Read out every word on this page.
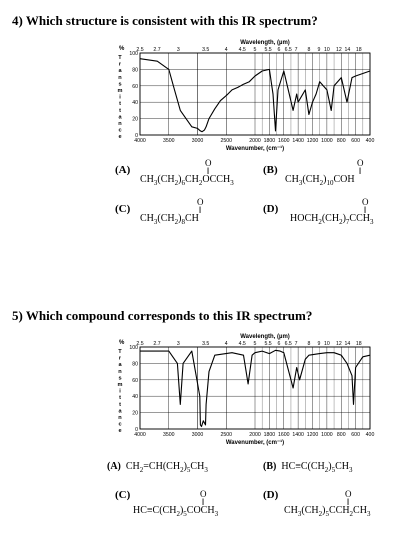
4) Which structure is consistent with this IR spectrum?
Wavelength, (µm)
2.5 2.7	3	3.5	4 4.5 5 5.5 6 6.5 7 8 9 10 12 14 18
4000	3500	3000	2500	2000 1800 1600 1400 1200 1000 800 600 400
100
80
60
40
20
0
%
T
r
a
n
s
m
i
t
t
a
n
c
e
Wavenumber, (cm⁻¹)
(A)
O
‖
$CH_3(CH_2)_6CH_2OCCH_3$
(B)
O
‖
$CH_3(CH_2)_{10}COH$
(C)
O
‖
$CH_3(CH_2)_8CH$
(D)
O
‖
$HOCH_2(CH_2)_7CCH_3$
5) Which compound corresponds to this IR spectrum?
Wavelength, (µm)
2.5 2.7	3	3.5	4 4.5 5 5.5 6 6.5 7 8 9 10 12 14 18
4000	3500	3000	2500	2000 1800 1600 1400 1200 1000 800 600 400
100
80
60
40
20
0
%
T
r
a
n
s
m
i
t
t
a
n
c
e
Wavenumber, (cm⁻¹)
(A) $CH_2=CH(CH_2)_5CH_3$	(B) $HC\equiv C(CH_2)_5CH_3$
(C)	O
‖
$HC\equiv C(CH_2)_5COCH_3$
(D)	O
‖
$CH_3(CH_2)_5CCH_2CH_3$
